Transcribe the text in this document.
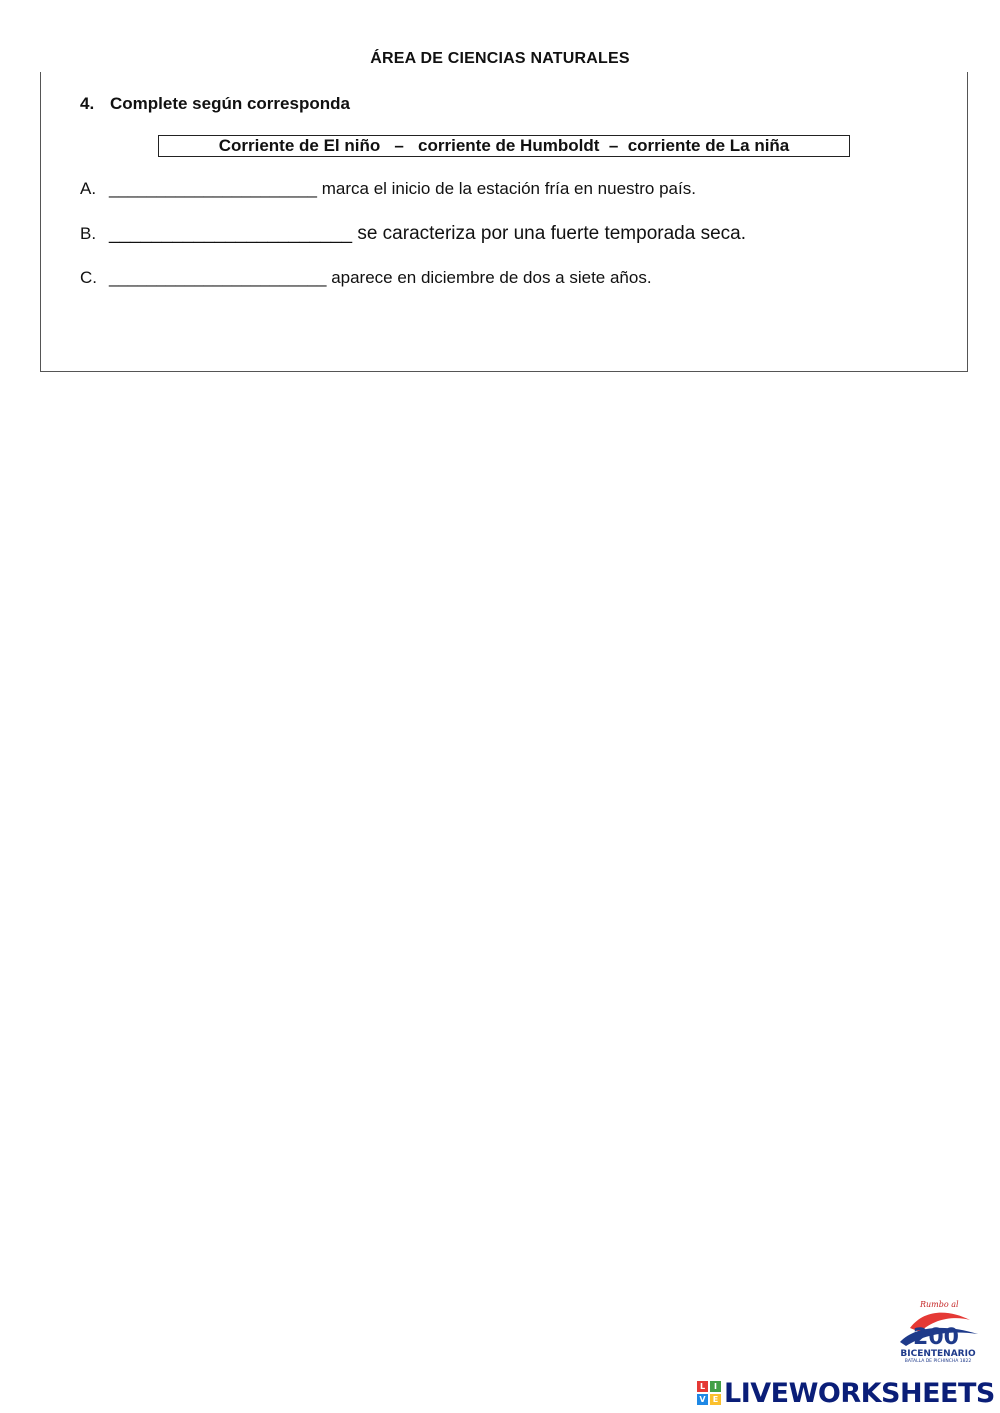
ÁREA DE CIENCIAS NATURALES
4. Complete según corresponda
Corriente de El niño   –   corriente de Humboldt  –  corriente de La niña
A. ______________________ marca el inicio de la estación fría en nuestro país.
B. _______________________ se caracteriza por una fuerte temporada seca.
C. _______________________ aparece en diciembre de dos a siete años.
Rumbo al
200
BICENTENARIO
BATALLA DE PICHINCHA 1822
L	I
V E LIVEWORKSHEETS
